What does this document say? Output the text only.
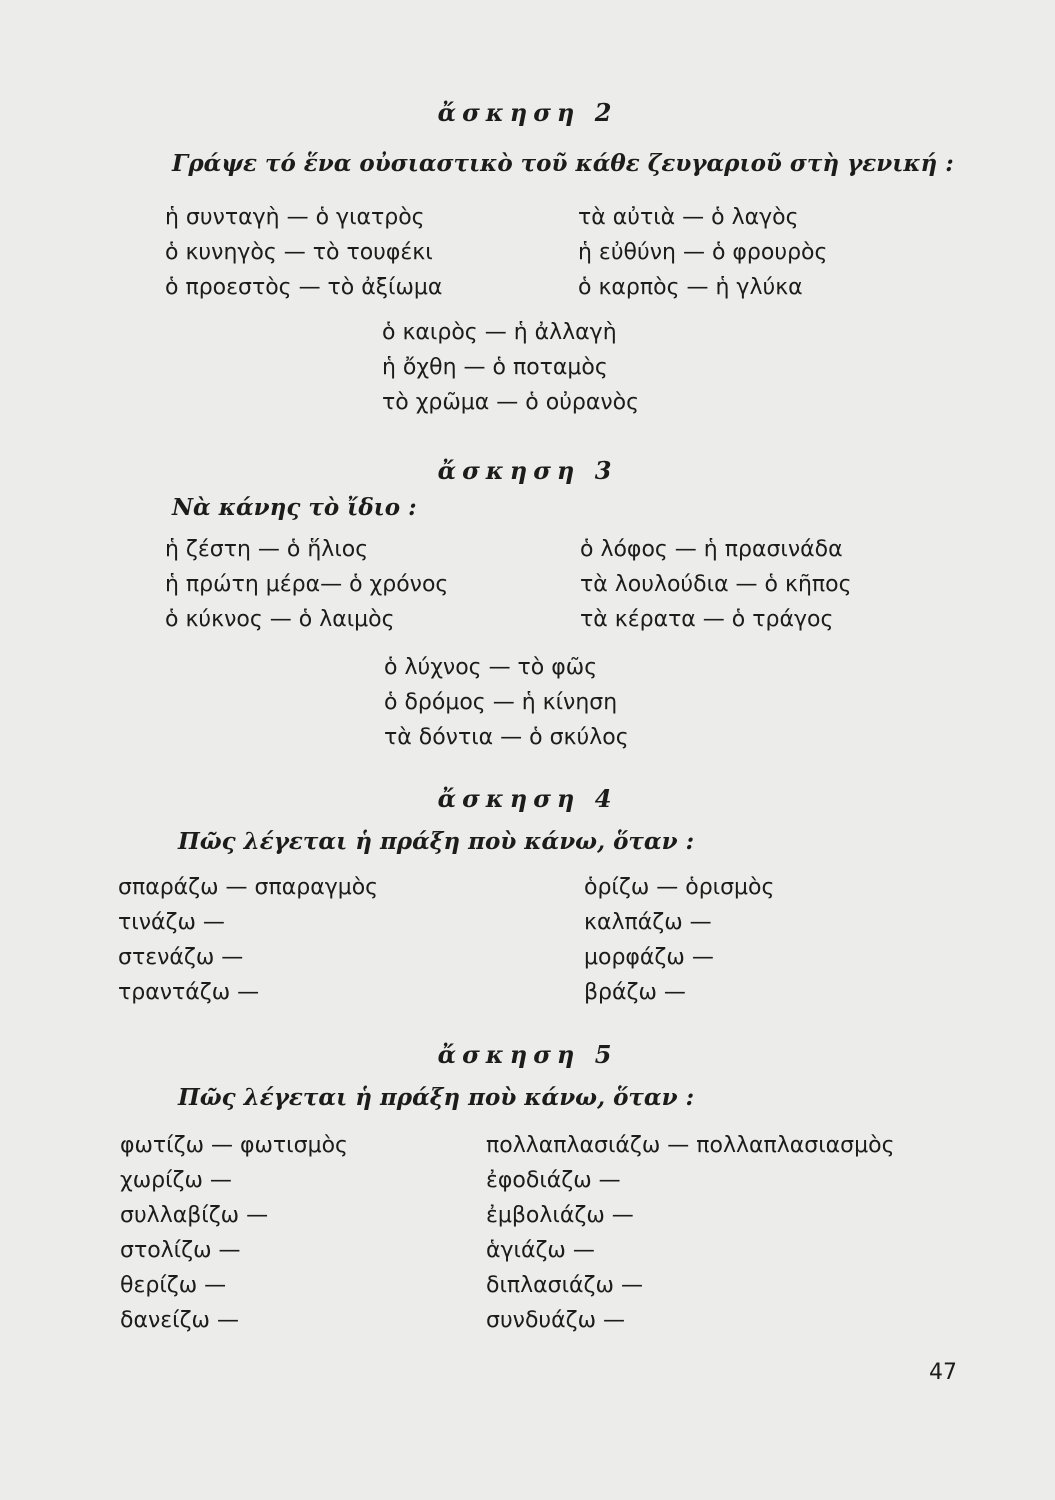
ἄσκηση 2
Γράψε τό ἕνα οὐσιαστικὸ τοῦ κάθε ζευγαριοῦ στὴ γενική :
ἡ συνταγὴ — ὁ γιατρὸς
ὁ κυνηγὸς — τὸ τουφέκι
ὁ προεστὸς — τὸ ἀξίωμα
τὰ αὐτιὰ — ὁ λαγὸς
ἡ εὐθύνη — ὁ φρουρὸς
ὁ καρπὸς — ἡ γλύκα
ὁ καιρὸς — ἡ ἀλλαγὴ
ἡ ὄχθη — ὁ ποταμὸς
τὸ χρῶμα — ὁ οὐρανὸς
ἄσκηση 3
Νὰ κάνης τὸ ἴδιο :
ἡ ζέστη — ὁ ἥλιος
ἡ πρώτη μέρα— ὁ χρόνος
ὁ κύκνος — ὁ λαιμὸς
ὁ λόφος — ἡ πρασινάδα
τὰ λουλούδια — ὁ κῆπος
τὰ κέρατα — ὁ τράγος
ὁ λύχνος — τὸ φῶς
ὁ δρόμος — ἡ κίνηση
τὰ δόντια — ὁ σκύλος
ἄσκηση 4
Πῶς λέγεται ἡ πράξη ποὺ κάνω, ὅταν :
σπαράζω — σπαραγμὸς
τινάζω —
στενάζω —
τραντάζω —
ὁρίζω — ὁρισμὸς
καλπάζω —
μορφάζω —
βράζω —
ἄσκηση 5
Πῶς λέγεται ἡ πράξη ποὺ κάνω, ὅταν :
φωτίζω — φωτισμὸς
χωρίζω —
συλλαβίζω —
στολίζω —
θερίζω —
δανείζω —
πολλαπλασιάζω — πολλαπλασιασμὸς
ἐφοδιάζω —
ἐμβολιάζω —
ἁγιάζω —
διπλασιάζω —
συνδυάζω —
47
